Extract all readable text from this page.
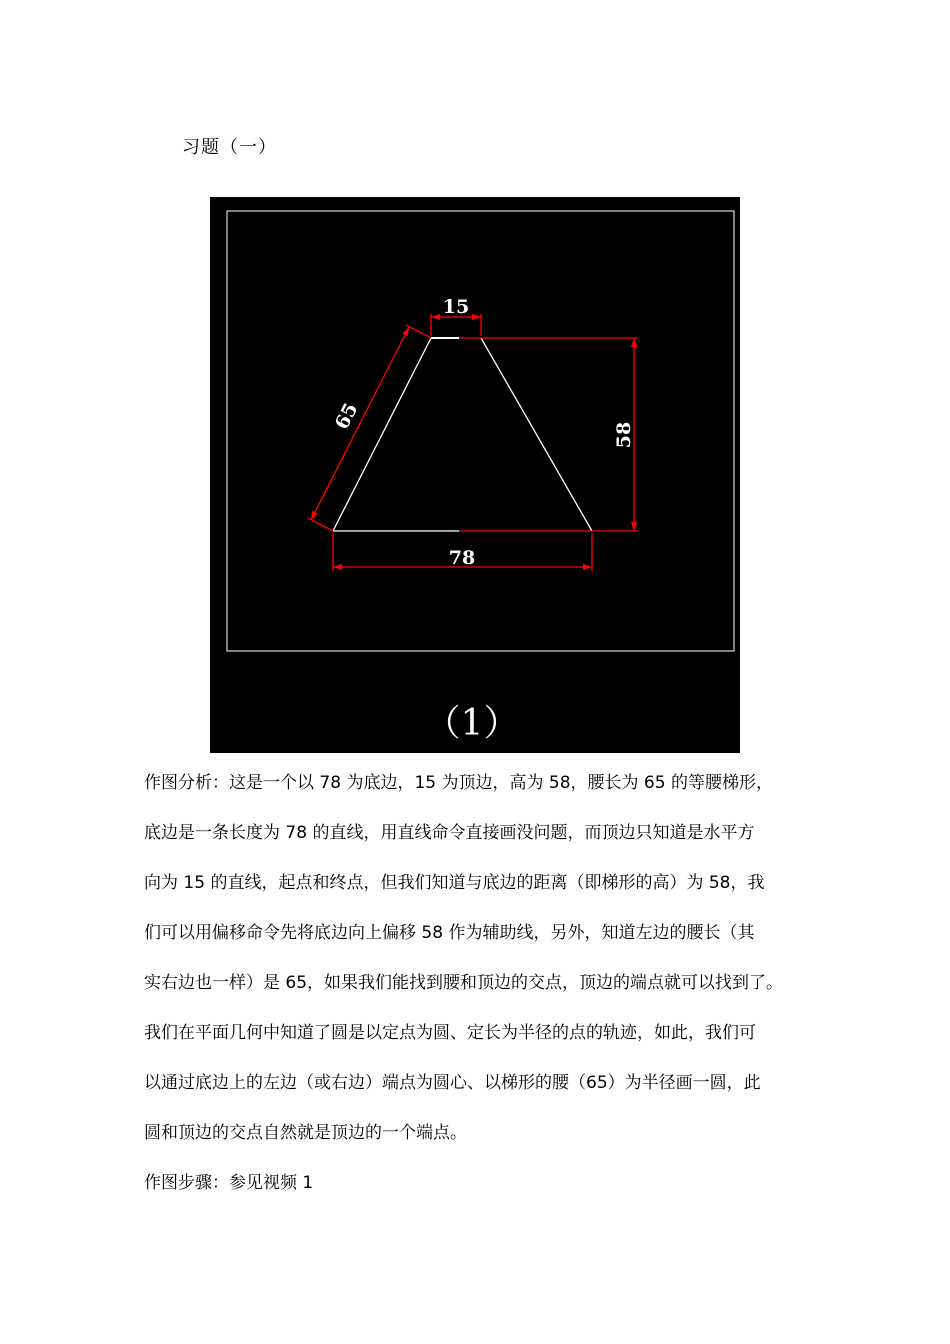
习题（一）
15
65
58
78
（1）
作图分析：这是一个以 78 为底边，15 为顶边，高为 58，腰长为 65 的等腰梯形，
底边是一条长度为 78 的直线，用直线命令直接画没问题，而顶边只知道是水平方
向为 15 的直线，起点和终点，但我们知道与底边的距离（即梯形的高）为 58，我
们可以用偏移命令先将底边向上偏移 58 作为辅助线，另外，知道左边的腰长（其
实右边也一样）是 65，如果我们能找到腰和顶边的交点，顶边的端点就可以找到了。
我们在平面几何中知道了圆是以定点为圆、定长为半径的点的轨迹，如此，我们可
以通过底边上的左边（或右边）端点为圆心、以梯形的腰（65）为半径画一圆，此
圆和顶边的交点自然就是顶边的一个端点。
作图步骤：参见视频 1
